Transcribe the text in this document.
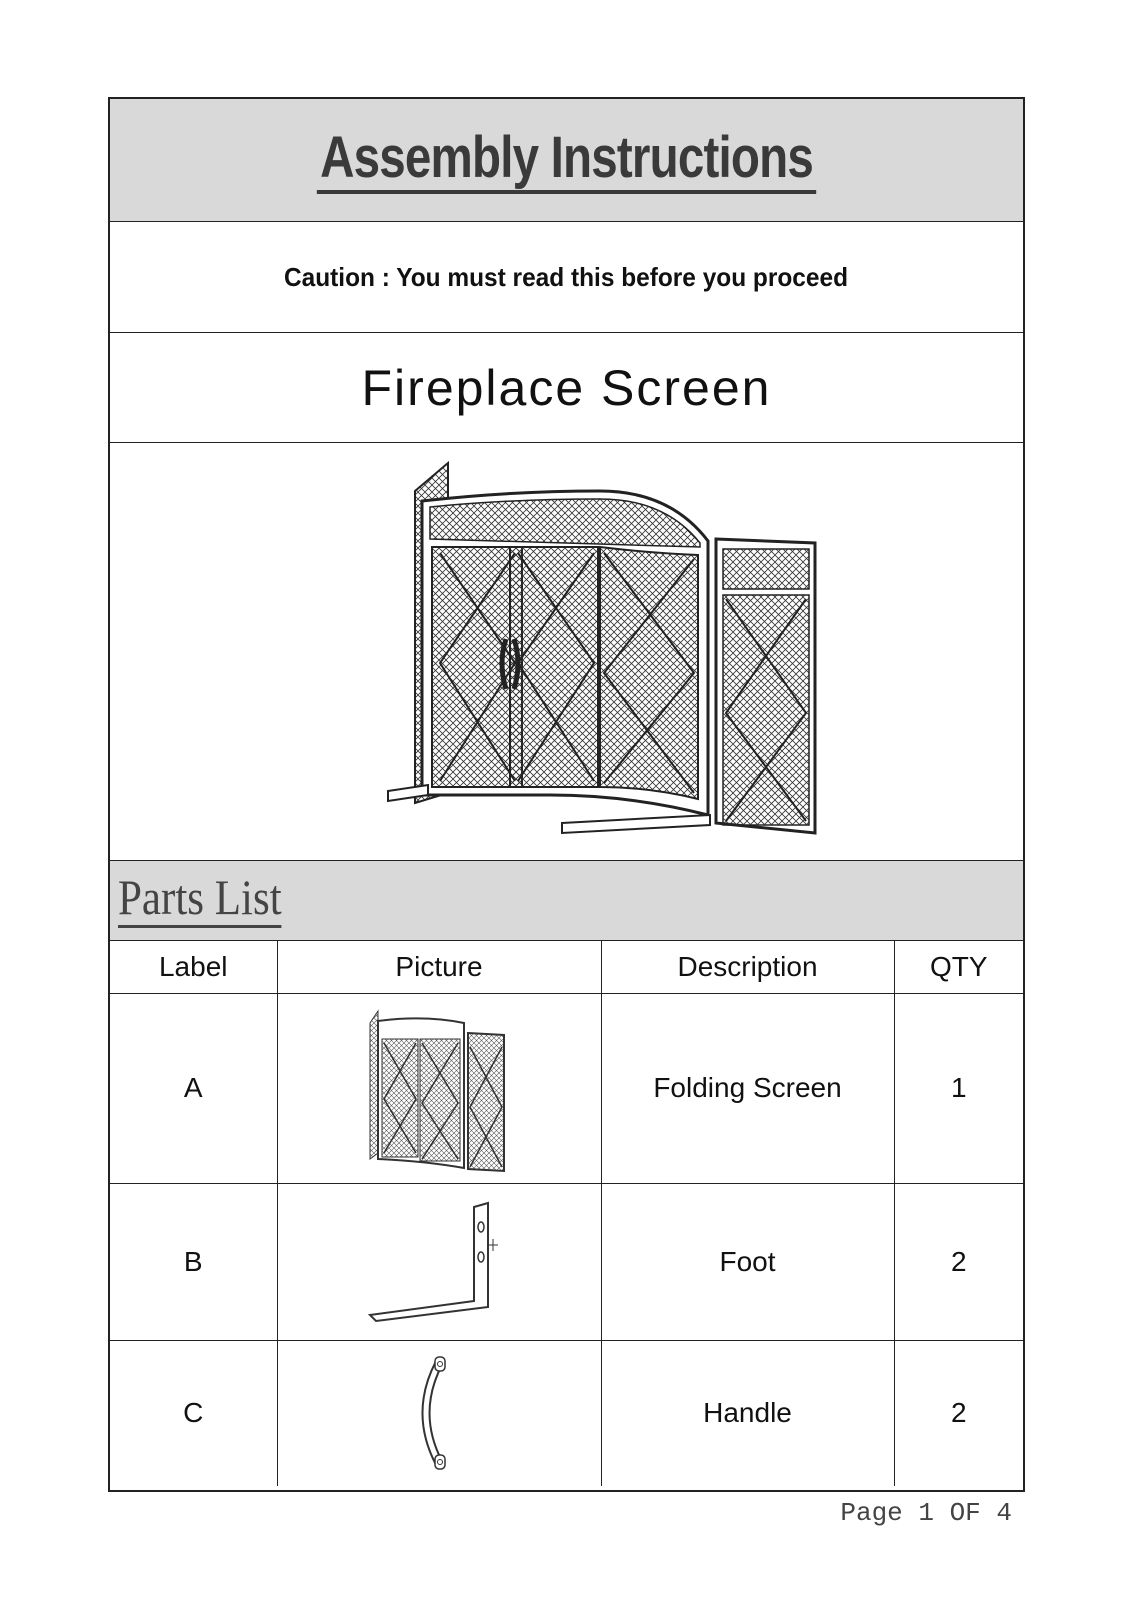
Assembly Instructions
Caution : You must read this before you proceed
Fireplace Screen
Parts List
Label	Picture	Description	QTY
A		Folding Screen	1
B		Foot	2
C		Handle	2
Page 1 OF 4
